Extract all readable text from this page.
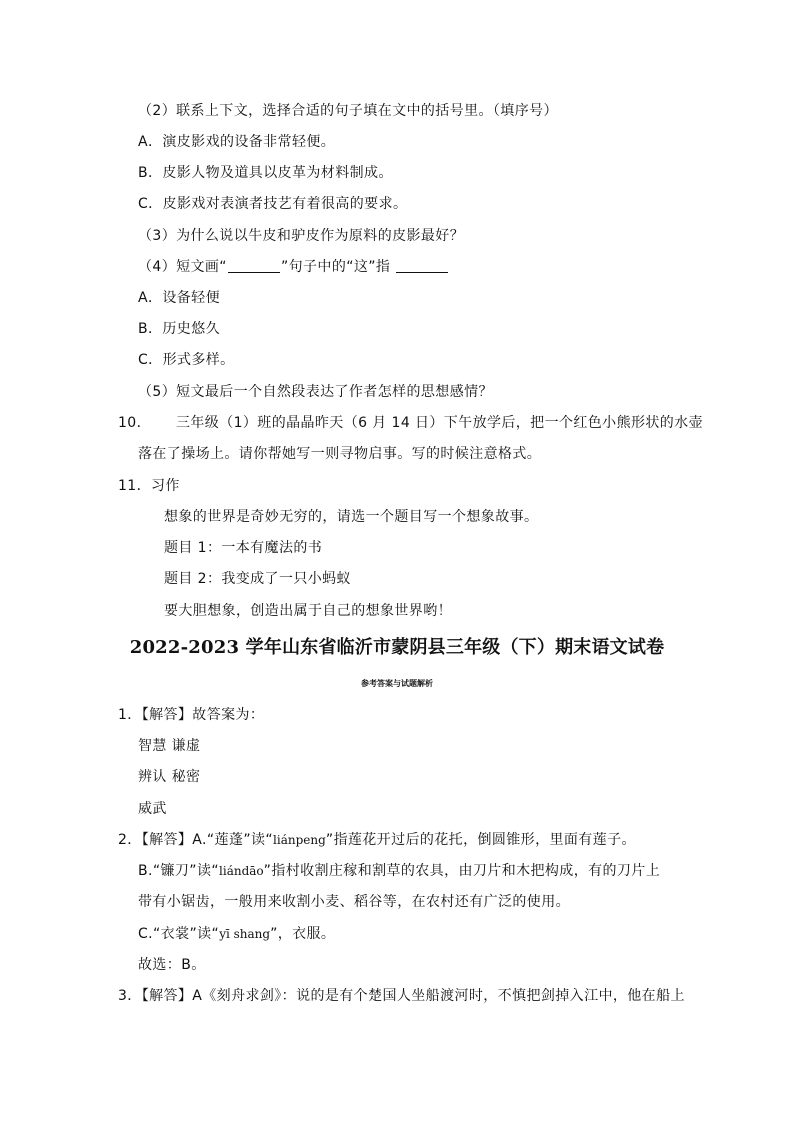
（2）联系上下文，选择合适的句子填在文中的括号里。（填序号）
A．演皮影戏的设备非常轻便。
B．皮影人物及道具以皮革为材料制成。
C．皮影戏对表演者技艺有着很高的要求。
（3）为什么说以牛皮和驴皮作为原料的皮影最好？
（4）短文画“	”句子中的“这”指
A．设备轻便
B．历史悠久
C．形式多样。
（5）短文最后一个自然段表达了作者怎样的思想感情？
10． 三年级（1）班的晶晶昨天（6 月 14 日）下午放学后，把一个红色小熊形状的水壶
落在了操场上。请你帮她写一则寻物启事。写的时候注意格式。
11．习作
想象的世界是奇妙无穷的，请选一个题目写一个想象故事。
题目 1：一本有魔法的书
题目 2：我变成了一只小蚂蚁
要大胆想象，创造出属于自己的想象世界哟！
2022-2023 学年山东省临沂市蒙阴县三年级（下）期末语文试卷
参考答案与试题解析
1．【解答】故答案为：
智慧 谦虚
辨认 秘密
威武
2．【解答】A.“莲蓬”读“liánpeng”指莲花开过后的花托，倒圆锥形，里面有莲子。
B.“镰刀”读“liándāo”指村收割庄稼和割草的农具，由刀片和木把构成，有的刀片上
带有小锯齿，一般用来收割小麦、稻谷等，在农村还有广泛的使用。
C.“衣裳”读“yī shang”，衣服。
故选：B。
3．【解答】A《刻舟求剑》：说的是有个楚国人坐船渡河时，不慎把剑掉入江中，他在船上
